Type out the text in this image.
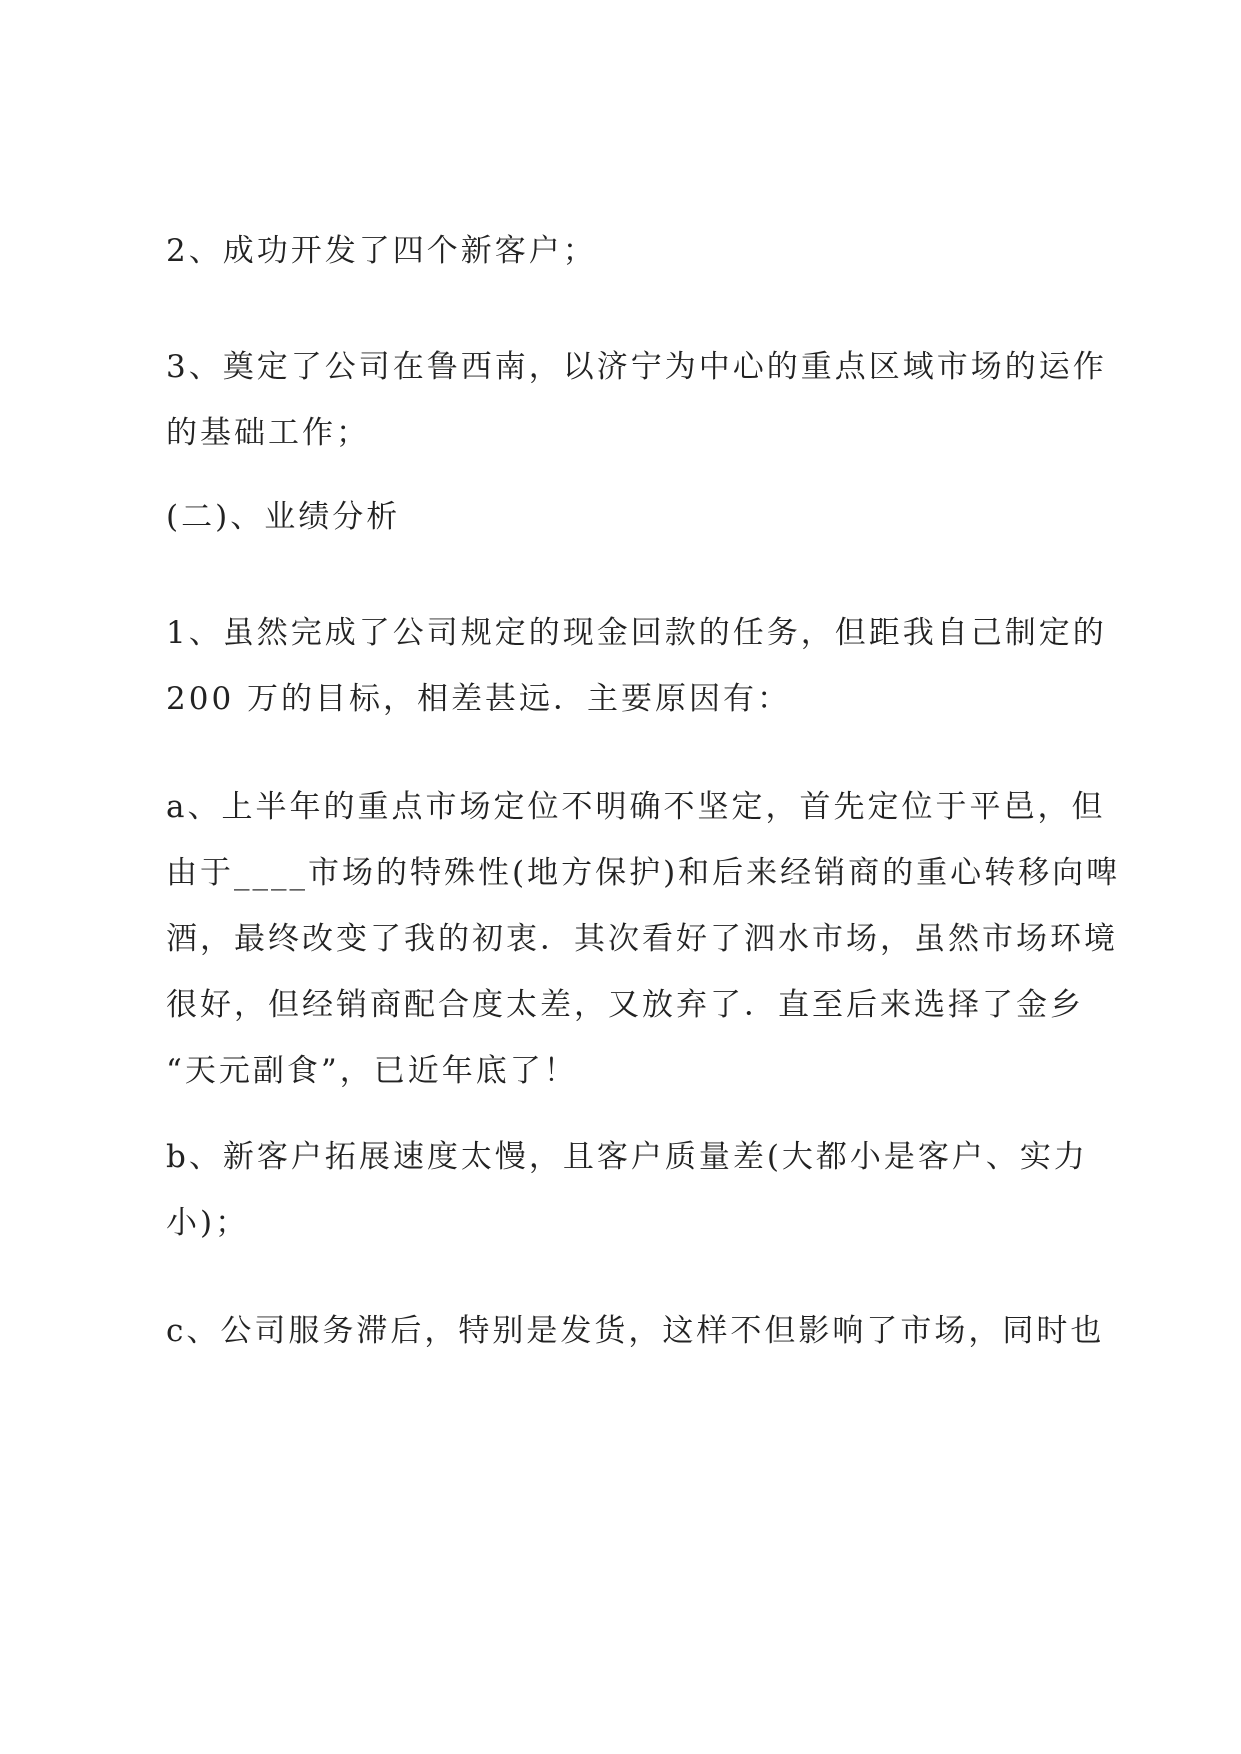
2、成功开发了四个新客户；
3、奠定了公司在鲁西南，以济宁为中心的重点区域市场的运作
的基础工作；
(二)、业绩分析
1、虽然完成了公司规定的现金回款的任务，但距我自己制定的
200 万的目标，相差甚远．主要原因有：
a、上半年的重点市场定位不明确不坚定，首先定位于平邑，但
由于____市场的特殊性(地方保护)和后来经销商的重心转移向啤
酒，最终改变了我的初衷．其次看好了泗水市场，虽然市场环境
很好，但经销商配合度太差，又放弃了．直至后来选择了金乡
“天元副食”，已近年底了！
b、新客户拓展速度太慢，且客户质量差(大都小是客户、实力
小)；
c、公司服务滞后，特别是发货，这样不但影响了市场，同时也
